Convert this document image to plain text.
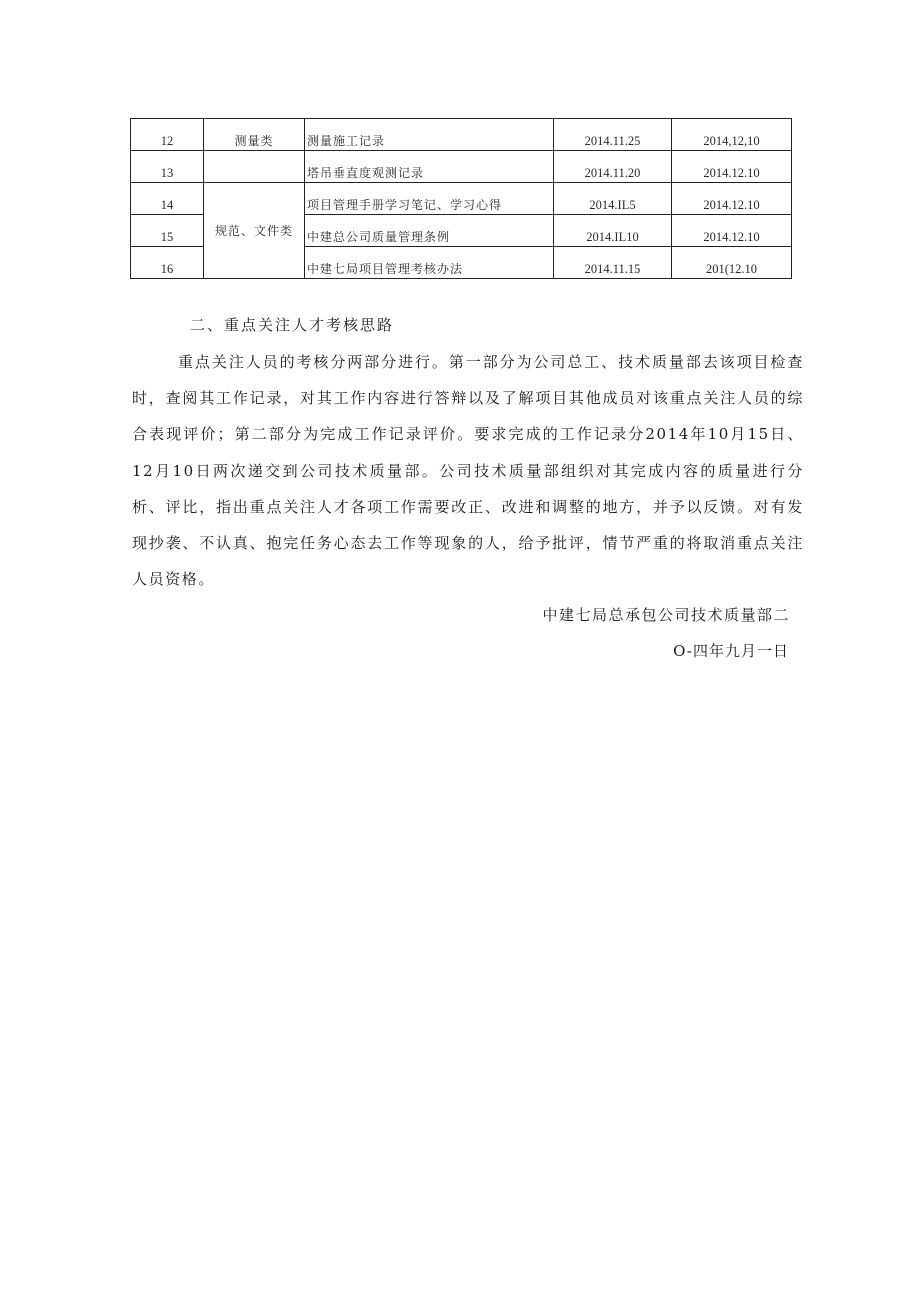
12	测量类	测量施工记录	2014.11.25	2014,12,10
13		塔吊垂直度观测记录	2014.11.20	2014.12.10
14	规范、文件类	项目管理手册学习笔记、学习心得	2014.IL5	2014.12.10
15		中建总公司质量管理条例	2014.IL10	2014.12.10
16		中建七局项目管理考核办法	2014.11.15	201(12.10
二、重点关注人才考核思路

重点关注人员的考核分两部分进行。第一部分为公司总工、技术质量部去该项目检查时，查阅其工作记录，对其工作内容进行答辩以及了解项目其他成员对该重点关注人员的综合表现评价；第二部分为完成工作记录评价。要求完成的工作记录分2014年10月15日、12月10日两次递交到公司技术质量部。公司技术质量部组织对其完成内容的质量进行分析、评比，指出重点关注人才各项工作需要改正、改进和调整的地方，并予以反馈。对有发现抄袭、不认真、抱完任务心态去工作等现象的人，给予批评，情节严重的将取消重点关注人员资格。

中建七局总承包公司技术质量部二
O-四年九月一日
